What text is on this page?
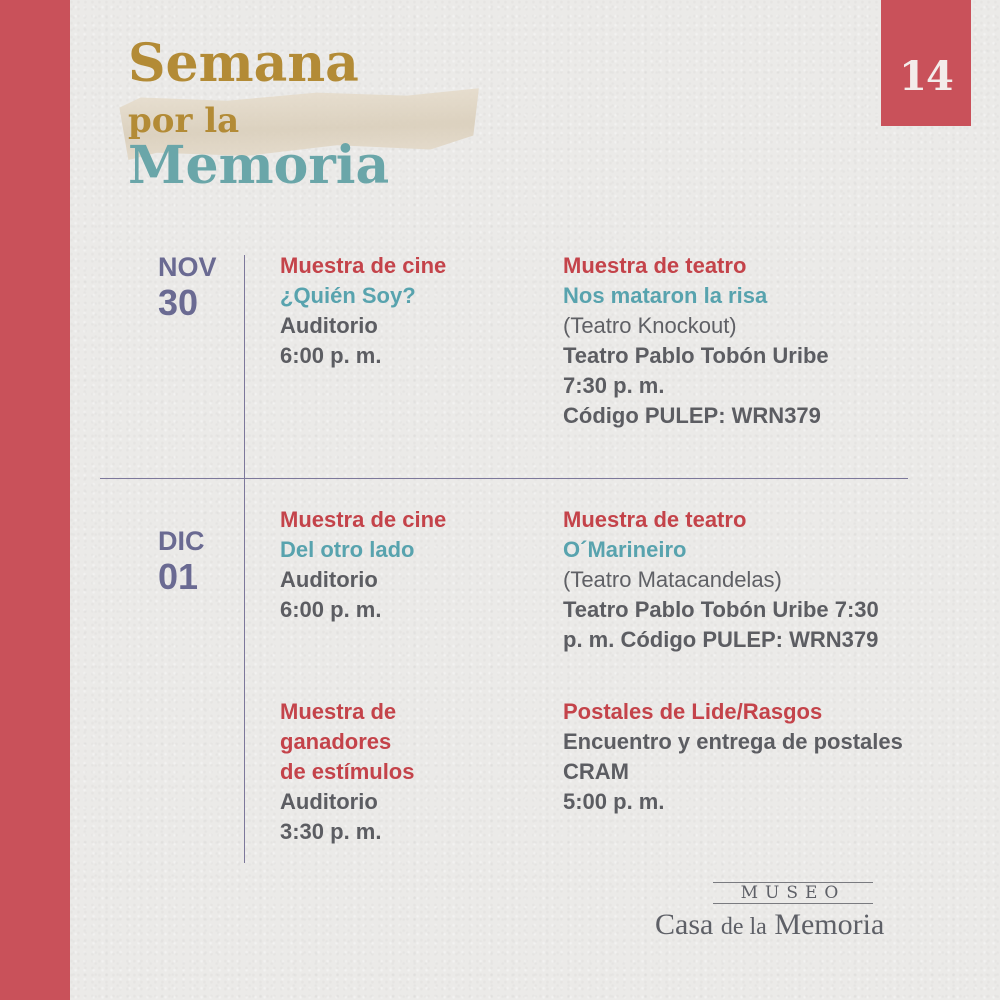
14
Semana
por la
Memoria
NOV
30
DIC
01
Muestra de cine
¿Quién Soy?
Auditorio
6:00 p. m.
Muestra de teatro
Nos mataron la risa
(Teatro Knockout)
Teatro Pablo Tobón Uribe
7:30 p. m.
Código PULEP: WRN379
Muestra de cine
Del otro lado
Auditorio
6:00 p. m.
Muestra de teatro
O´Marineiro
(Teatro Matacandelas)
Teatro Pablo Tobón Uribe 7:30
p. m. Código PULEP: WRN379
Muestra de
ganadores
de estímulos
Auditorio
3:30 p. m.
Postales de Lide/Rasgos
Encuentro y entrega de postales
CRAM
5:00 p. m.
MUSEO
Casa de la Memoria
